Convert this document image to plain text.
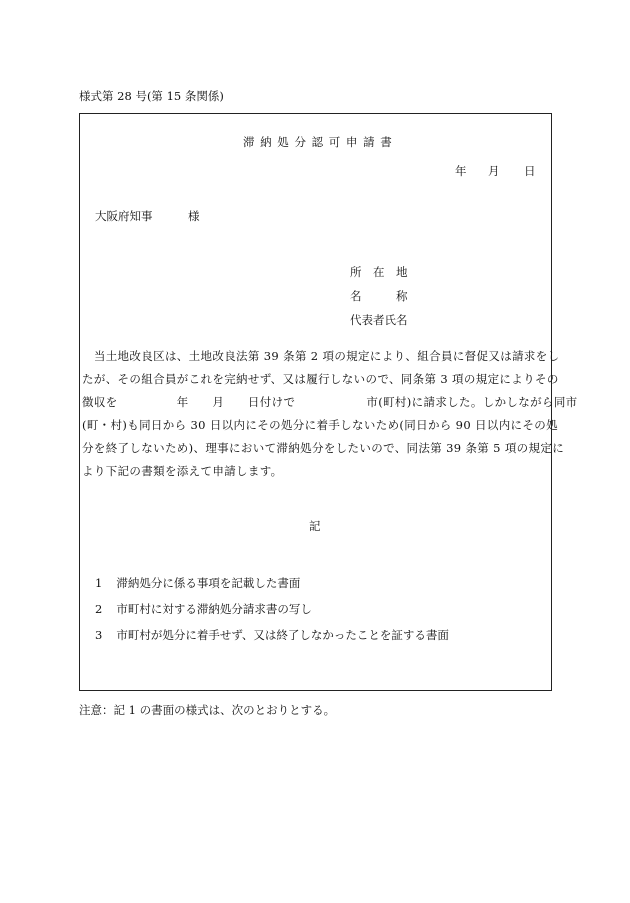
様式第 28 号(第 15 条関係)
滞 納 処 分 認 可 申 請 書
年 月 日
大阪府知事	様
所　在　地
名　　　称
代表者氏名
　当土地改良区は、土地改良法第 39 条第 2 項の規定により、組合員に督促又は請求をし
たが、その組合員がこれを完納せず、又は履行しないので、同条第 3 項の規定によりその
徴収を　　　　　年　　月　　日付けで　　　　　　市(町村)に請求した。しかしながら同市
(町・村)も同日から 30 日以内にその処分に着手しないため(同日から 90 日以内にその処
分を終了しないため)、理事において滞納処分をしたいので、同法第 39 条第 5 項の規定に
より下記の書類を添えて申請します。
記
1 滞納処分に係る事項を記載した書面
2 市町村に対する滞納処分請求書の写し
3 市町村が処分に着手せず、又は終了しなかったことを証する書面
注意：記 1 の書面の様式は、次のとおりとする。
